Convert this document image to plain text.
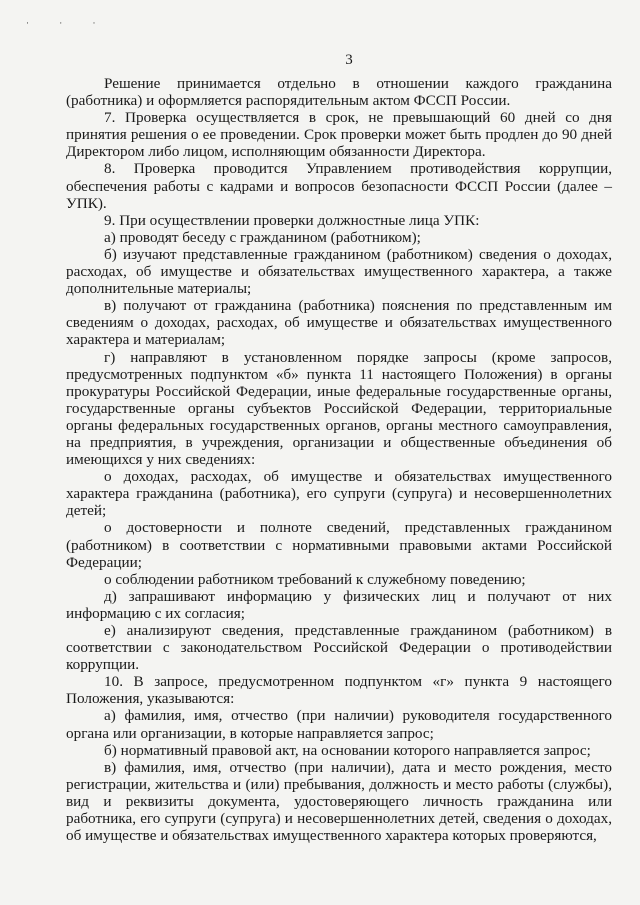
· · ·
3

Решение принимается отдельно в отношении каждого гражданина (работника) и оформляется распорядительным актом ФССП России.

7. Проверка осуществляется в срок, не превышающий 60 дней со дня принятия решения о ее проведении. Срок проверки может быть продлен до 90 дней Директором либо лицом, исполняющим обязанности Директора.

8. Проверка проводится Управлением противодействия коррупции, обеспечения работы с кадрами и вопросов безопасности ФССП России (далее – УПК).

9. При осуществлении проверки должностные лица УПК:

а) проводят беседу с гражданином (работником);

б) изучают представленные гражданином (работником) сведения о доходах, расходах, об имуществе и обязательствах имущественного характера, а также дополнительные материалы;

в) получают от гражданина (работника) пояснения по представленным им сведениям о доходах, расходах, об имуществе и обязательствах имущественного характера и материалам;

г) направляют в установленном порядке запросы (кроме запросов, предусмотренных подпунктом «б» пункта 11 настоящего Положения) в органы прокуратуры Российской Федерации, иные федеральные государственные органы, государственные органы субъектов Российской Федерации, территориальные органы федеральных государственных органов, органы местного самоуправления, на предприятия, в учреждения, организации и общественные объединения об имеющихся у них сведениях:

о доходах, расходах, об имуществе и обязательствах имущественного характера гражданина (работника), его супруги (супруга) и несовершеннолетних детей;

о достоверности и полноте сведений, представленных гражданином (работником) в соответствии с нормативными правовыми актами Российской Федерации;

о соблюдении работником требований к служебному поведению;

д) запрашивают информацию у физических лиц и получают от них информацию с их согласия;

е) анализируют сведения, представленные гражданином (работником) в соответствии с законодательством Российской Федерации о противодействии коррупции.

10. В запросе, предусмотренном подпунктом «г» пункта 9 настоящего Положения, указываются:

а) фамилия, имя, отчество (при наличии) руководителя государственного органа или организации, в которые направляется запрос;

б) нормативный правовой акт, на основании которого направляется запрос;

в) фамилия, имя, отчество (при наличии), дата и место рождения, место регистрации, жительства и (или) пребывания, должность и место работы (службы), вид и реквизиты документа, удостоверяющего личность гражданина или работника, его супруги (супруга) и несовершеннолетних детей, сведения о доходах, об имуществе и обязательствах имущественного характера которых проверяются,
